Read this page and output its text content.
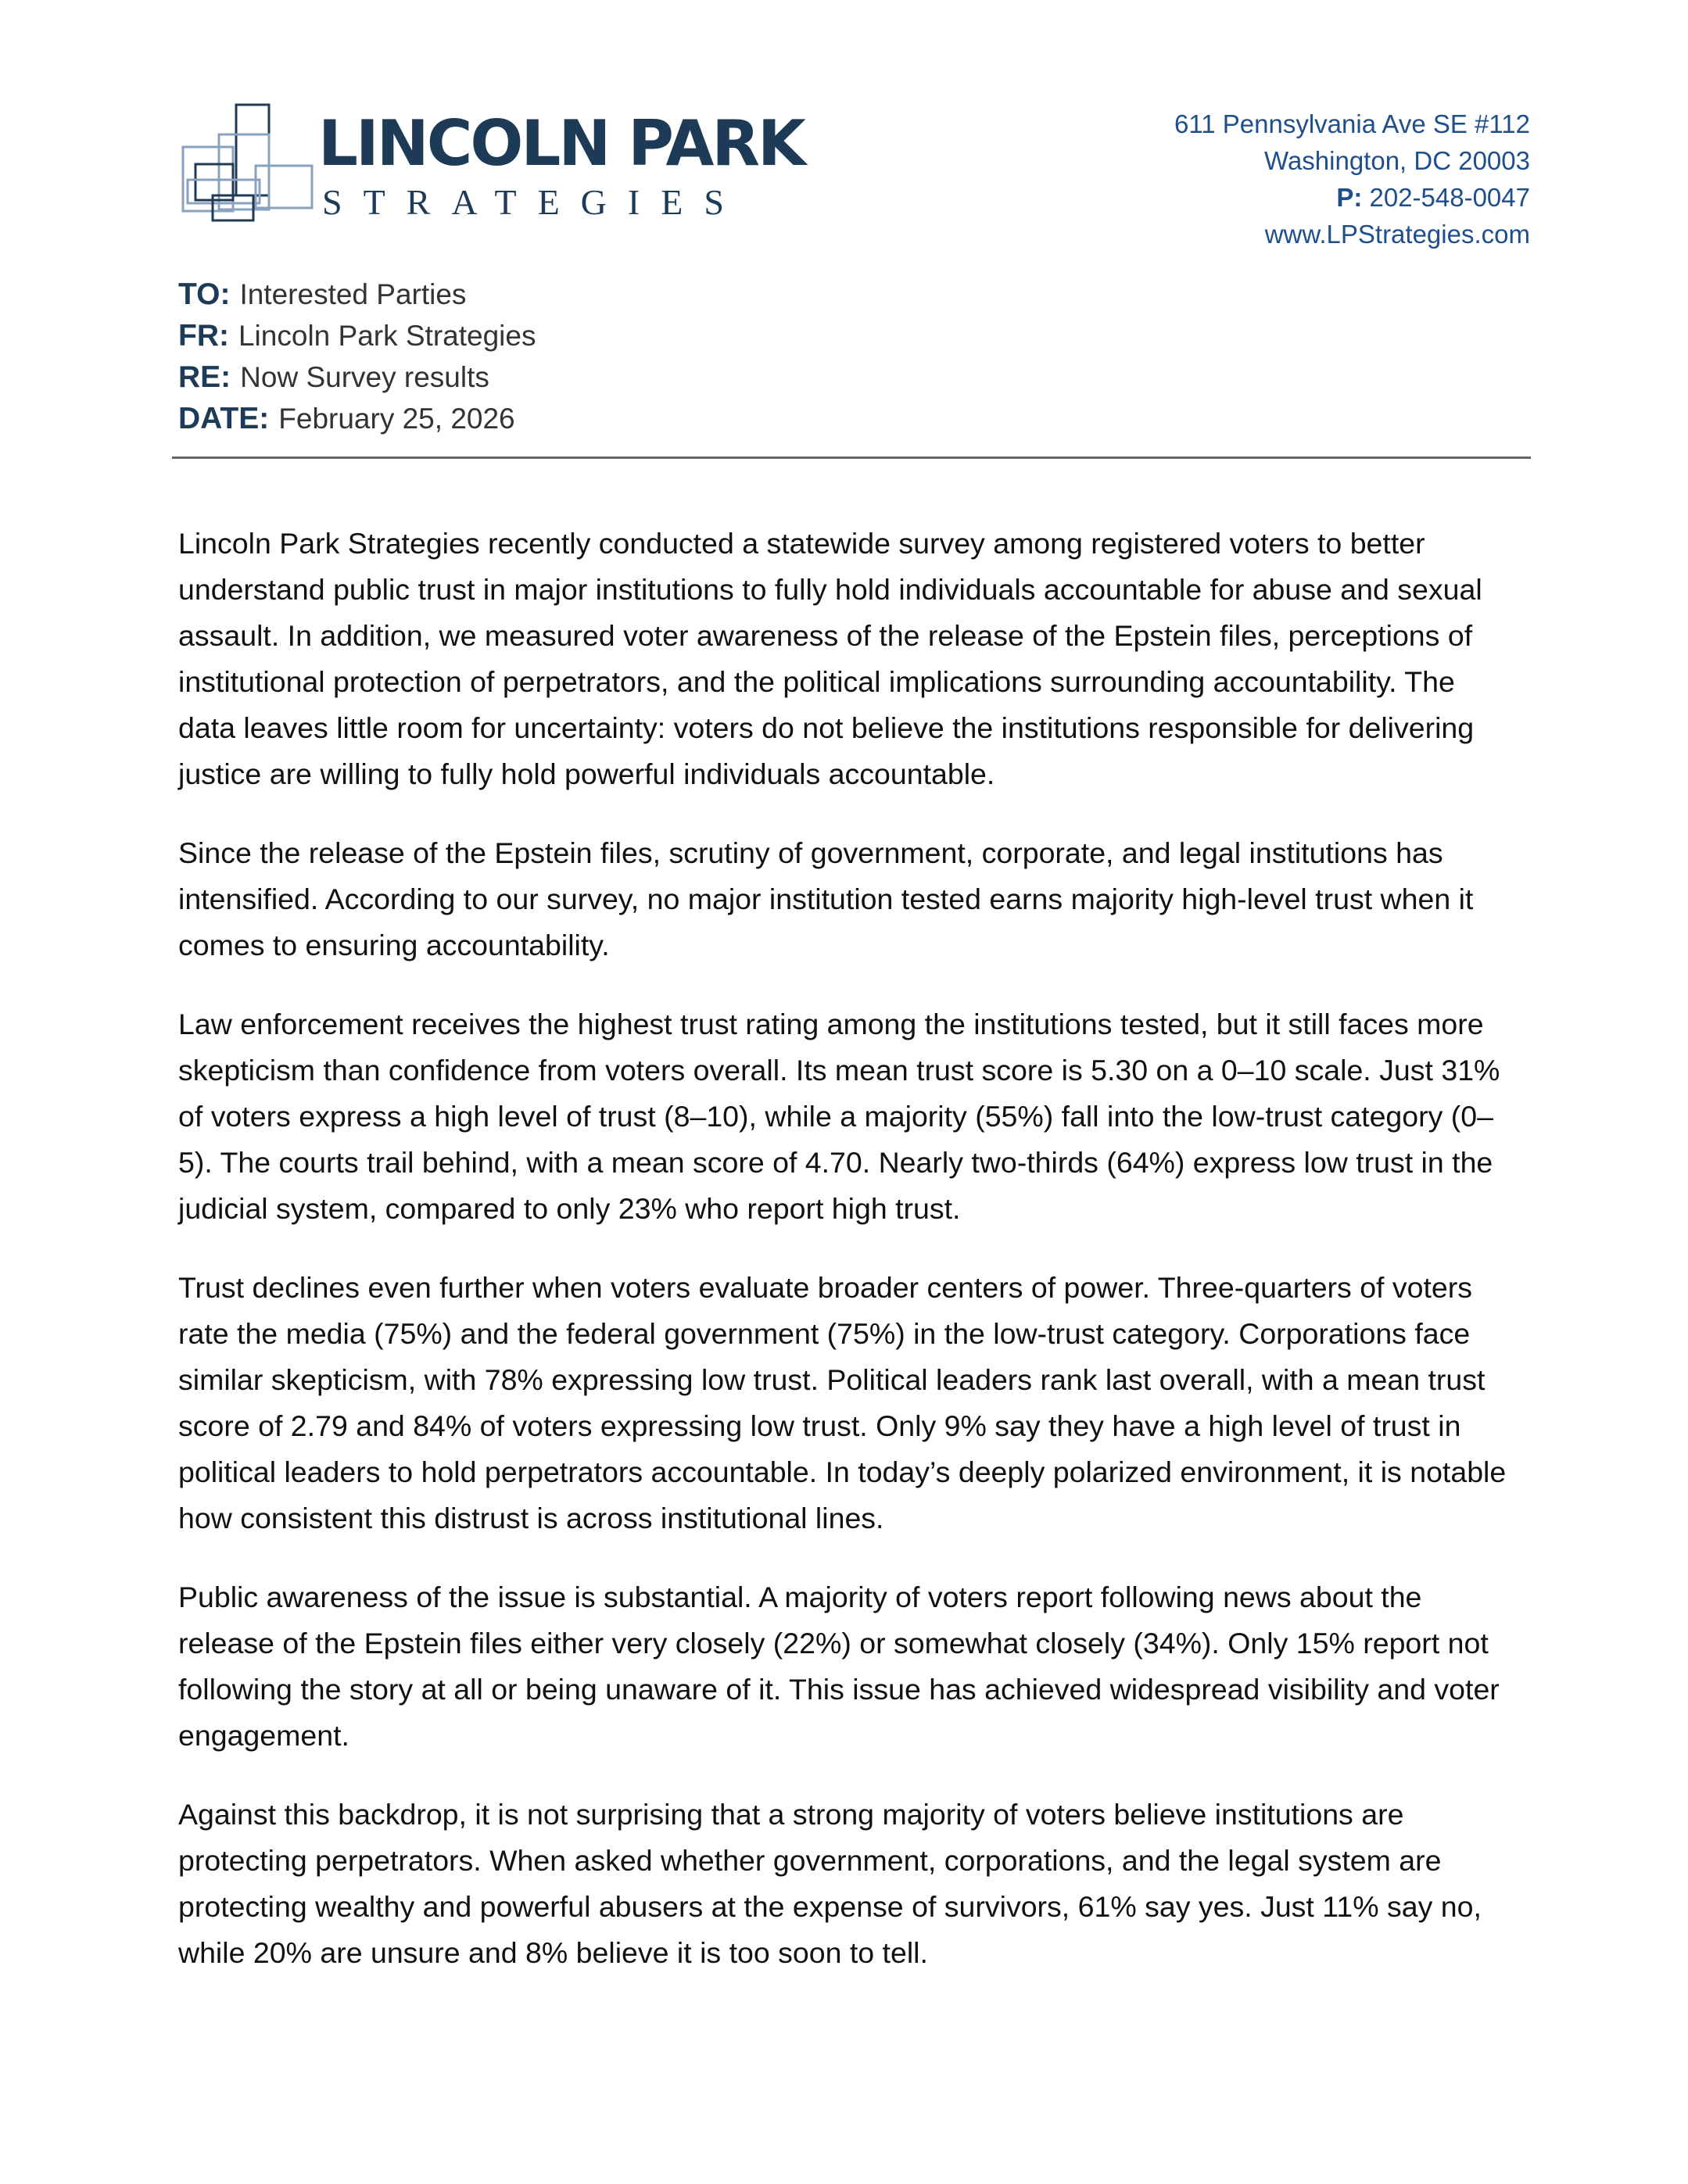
LINCOLN PARK
STRATEGIES
611 Pennsylvania Ave SE #112
Washington, DC 20003
P: 202-548-0047
www.LPStrategies.com
TO: Interested Parties
FR: Lincoln Park Strategies
RE: Now Survey results
DATE: February 25, 2026

Lincoln Park Strategies recently conducted a statewide survey among registered voters to better understand public trust in major institutions to fully hold individuals accountable for abuse and sexual assault. In addition, we measured voter awareness of the release of the Epstein files, perceptions of institutional protection of perpetrators, and the political implications surrounding accountability. The data leaves little room for uncertainty: voters do not believe the institutions responsible for delivering justice are willing to fully hold powerful individuals accountable.

Since the release of the Epstein files, scrutiny of government, corporate, and legal institutions has intensified. According to our survey, no major institution tested earns majority high-level trust when it comes to ensuring accountability.

Law enforcement receives the highest trust rating among the institutions tested, but it still faces more skepticism than confidence from voters overall. Its mean trust score is 5.30 on a 0–10 scale. Just 31% of voters express a high level of trust (8–10), while a majority (55%) fall into the low-trust category (0–5). The courts trail behind, with a mean score of 4.70. Nearly two-thirds (64%) express low trust in the judicial system, compared to only 23% who report high trust.

Trust declines even further when voters evaluate broader centers of power. Three-quarters of voters rate the media (75%) and the federal government (75%) in the low-trust category. Corporations face similar skepticism, with 78% expressing low trust. Political leaders rank last overall, with a mean trust score of 2.79 and 84% of voters expressing low trust. Only 9% say they have a high level of trust in political leaders to hold perpetrators accountable. In today’s deeply polarized environment, it is notable how consistent this distrust is across institutional lines.

Public awareness of the issue is substantial. A majority of voters report following news about the release of the Epstein files either very closely (22%) or somewhat closely (34%). Only 15% report not following the story at all or being unaware of it. This issue has achieved widespread visibility and voter engagement.

Against this backdrop, it is not surprising that a strong majority of voters believe institutions are protecting perpetrators. When asked whether government, corporations, and the legal system are protecting wealthy and powerful abusers at the expense of survivors, 61% say yes. Just 11% say no, while 20% are unsure and 8% believe it is too soon to tell.
